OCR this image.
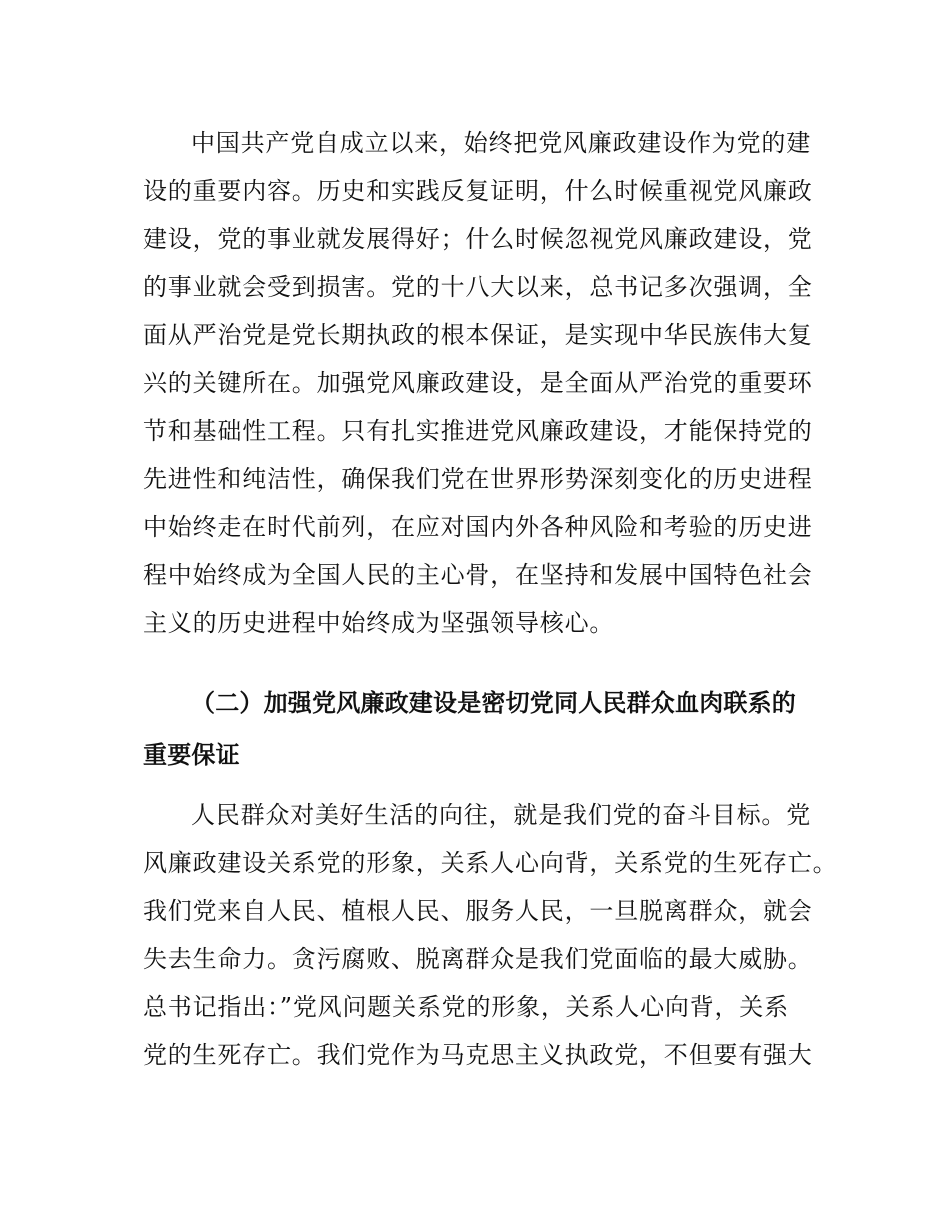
中国共产党自成立以来，始终把党风廉政建设作为党的建
设的重要内容。历史和实践反复证明，什么时候重视党风廉政
建设，党的事业就发展得好；什么时候忽视党风廉政建设，党
的事业就会受到损害。党的十八大以来，总书记多次强调，全
面从严治党是党长期执政的根本保证，是实现中华民族伟大复
兴的关键所在。加强党风廉政建设，是全面从严治党的重要环
节和基础性工程。只有扎实推进党风廉政建设，才能保持党的
先进性和纯洁性，确保我们党在世界形势深刻变化的历史进程
中始终走在时代前列，在应对国内外各种风险和考验的历史进
程中始终成为全国人民的主心骨，在坚持和发展中国特色社会
主义的历史进程中始终成为坚强领导核心。
（二）加强党风廉政建设是密切党同人民群众血肉联系的
重要保证
人民群众对美好生活的向往，就是我们党的奋斗目标。党
风廉政建设关系党的形象，关系人心向背，关系党的生死存亡。
我们党来自人民、植根人民、服务人民，一旦脱离群众，就会
失去生命力。贪污腐败、脱离群众是我们党面临的最大威胁。
总书记指出：”党风问题关系党的形象，关系人心向背，关系
党的生死存亡。我们党作为马克思主义执政党，不但要有强大
